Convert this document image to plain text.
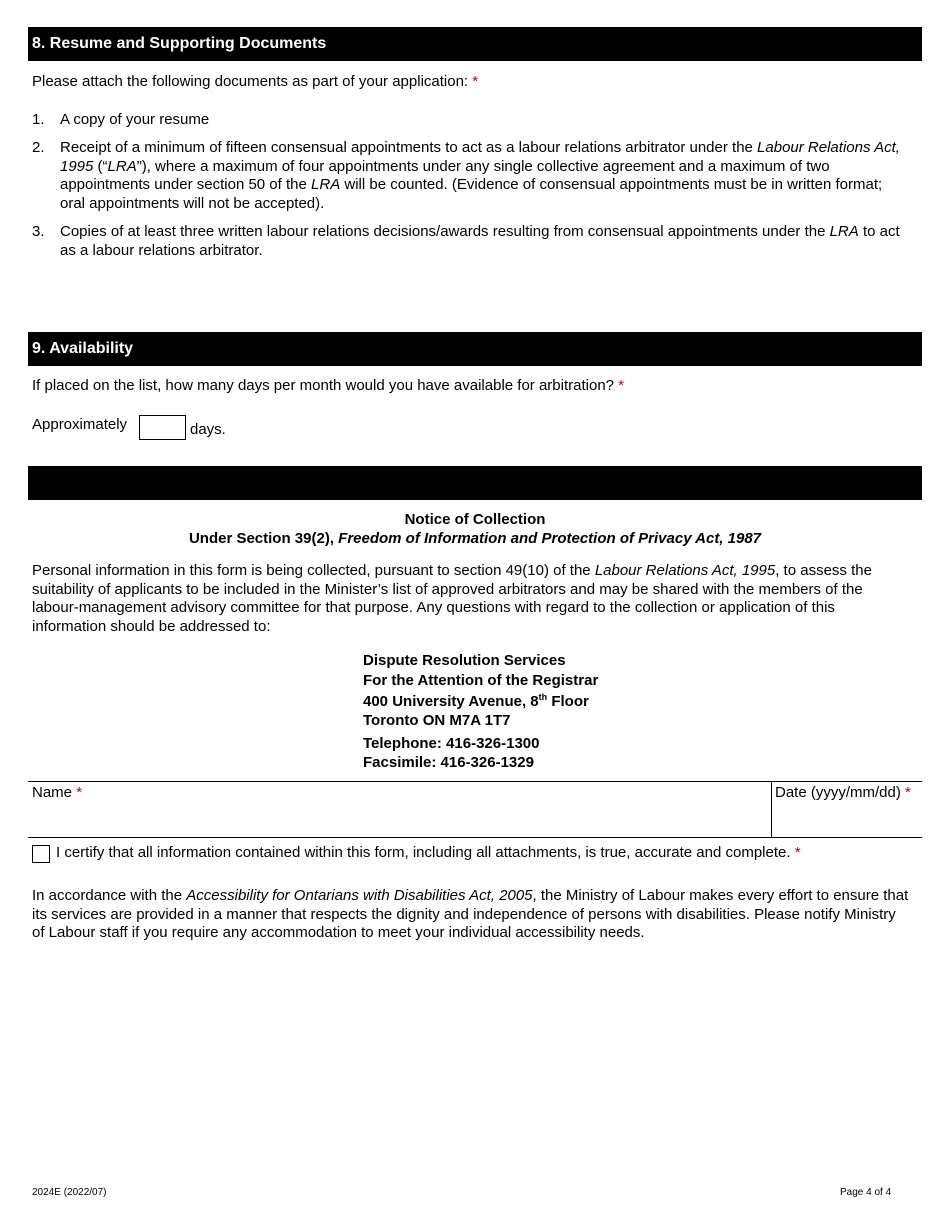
8. Resume and Supporting Documents
Please attach the following documents as part of your application: *
1. A copy of your resume
2. Receipt of a minimum of fifteen consensual appointments to act as a labour relations arbitrator under the Labour Relations Act, 1995 (“LRA”), where a maximum of four appointments under any single collective agreement and a maximum of two appointments under section 50 of the LRA will be counted. (Evidence of consensual appointments must be in written format; oral appointments will not be accepted).
3. Copies of at least three written labour relations decisions/awards resulting from consensual appointments under the LRA to act as a labour relations arbitrator.
9. Availability
If placed on the list, how many days per month would you have available for arbitration? *
Approximately	days.
Notice of Collection
Under Section 39(2), Freedom of Information and Protection of Privacy Act, 1987
Personal information in this form is being collected, pursuant to section 49(10) of the Labour Relations Act, 1995, to assess the suitability of applicants to be included in the Minister’s list of approved arbitrators and may be shared with the members of the labour-management advisory committee for that purpose. Any questions with regard to the collection or application of this information should be addressed to:
Dispute Resolution Services
For the Attention of the Registrar
400 University Avenue, 8th Floor
Toronto ON M7A 1T7
Telephone: 416-326-1300
Facsimile: 416-326-1329
Name *	Date (yyyy/mm/dd) *
I certify that all information contained within this form, including all attachments, is true, accurate and complete. *
In accordance with the Accessibility for Ontarians with Disabilities Act, 2005, the Ministry of Labour makes every effort to ensure that its services are provided in a manner that respects the dignity and independence of persons with disabilities. Please notify Ministry of Labour staff if you require any accommodation to meet your individual accessibility needs.
2024E (2022/07)	Page 4 of 4
